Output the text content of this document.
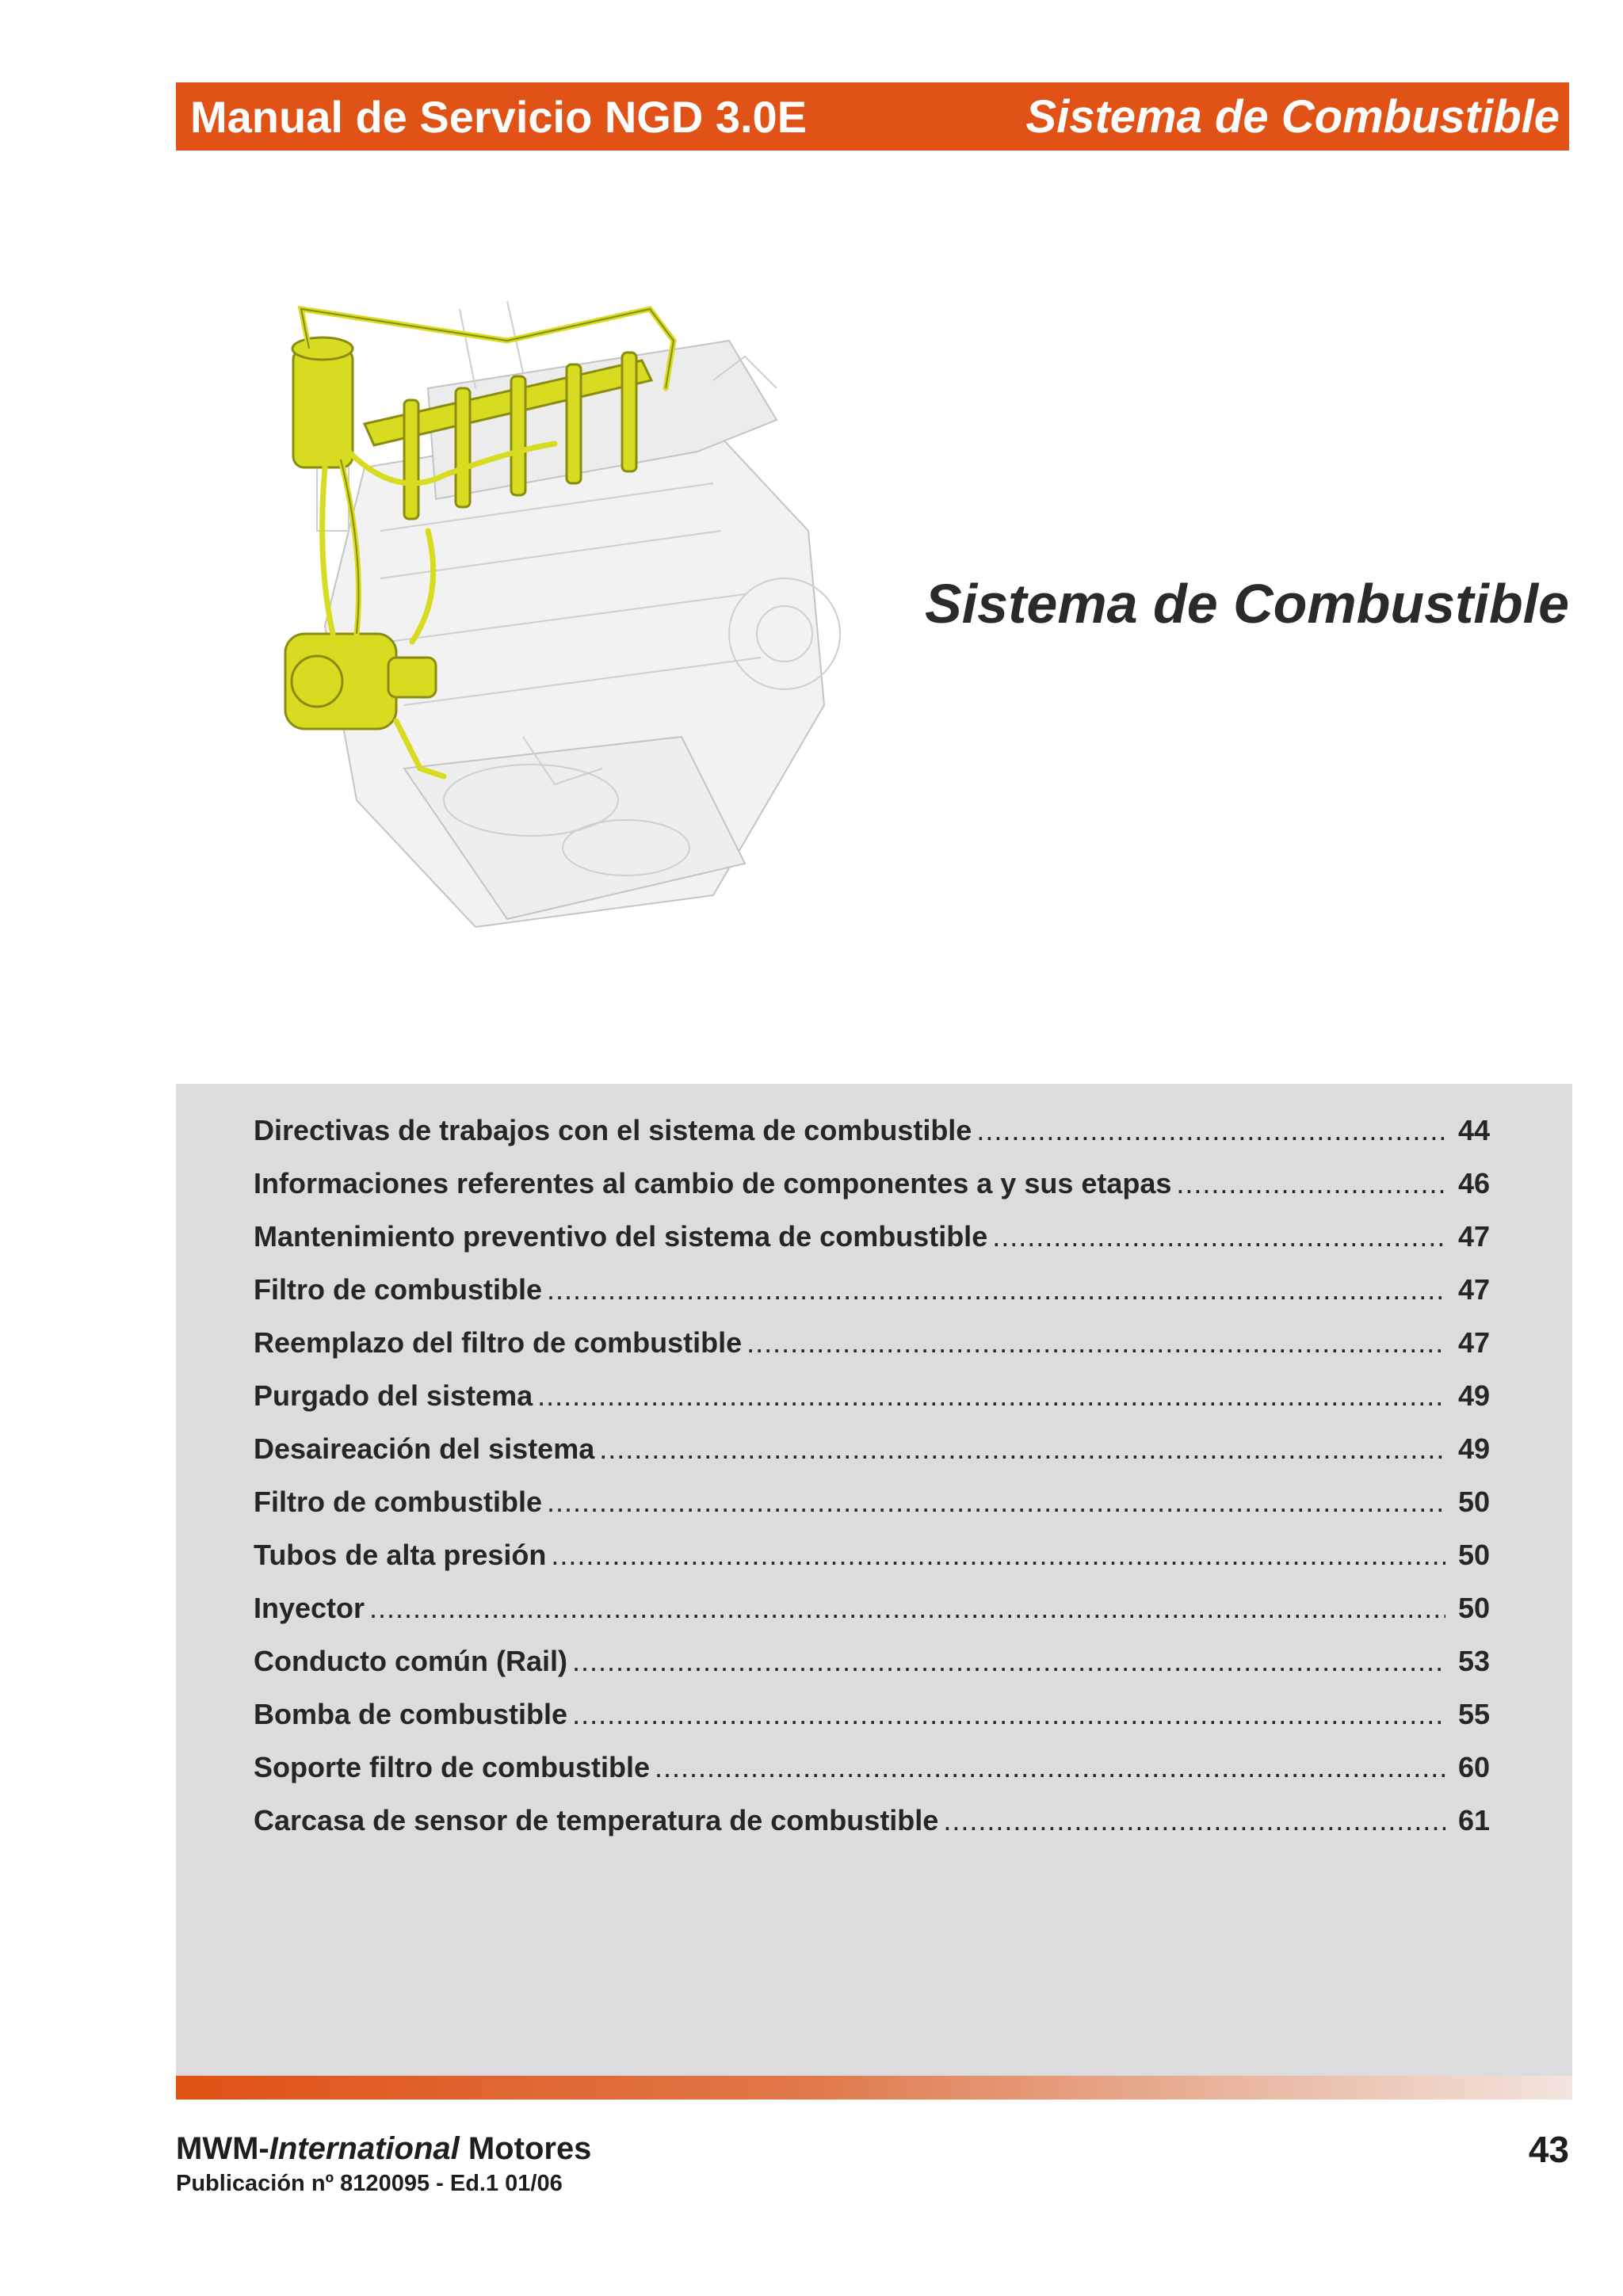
Manual de Servicio NGD 3.0E	Sistema de Combustible
Sistema de Combustible
Directivas de trabajos con el sistema de combustible .....	44
Informaciones referentes al cambio de componentes a y sus etapas .....	46
Mantenimiento preventivo del sistema de combustible .....	47
Filtro de combustible .....	47
Reemplazo del filtro de combustible .....	47
Purgado del sistema .....	49
Desaireación del sistema .....	49
Filtro de combustible .....	50
Tubos de alta presión .....	50
Inyector .....	50
Conducto común (Rail) .....	53
Bomba de combustible .....	55
Soporte filtro de combustible .....	60
Carcasa de sensor de temperatura de combustible .....	61
MWM-International Motores
Publicación nº 8120095 - Ed.1 01/06
43
